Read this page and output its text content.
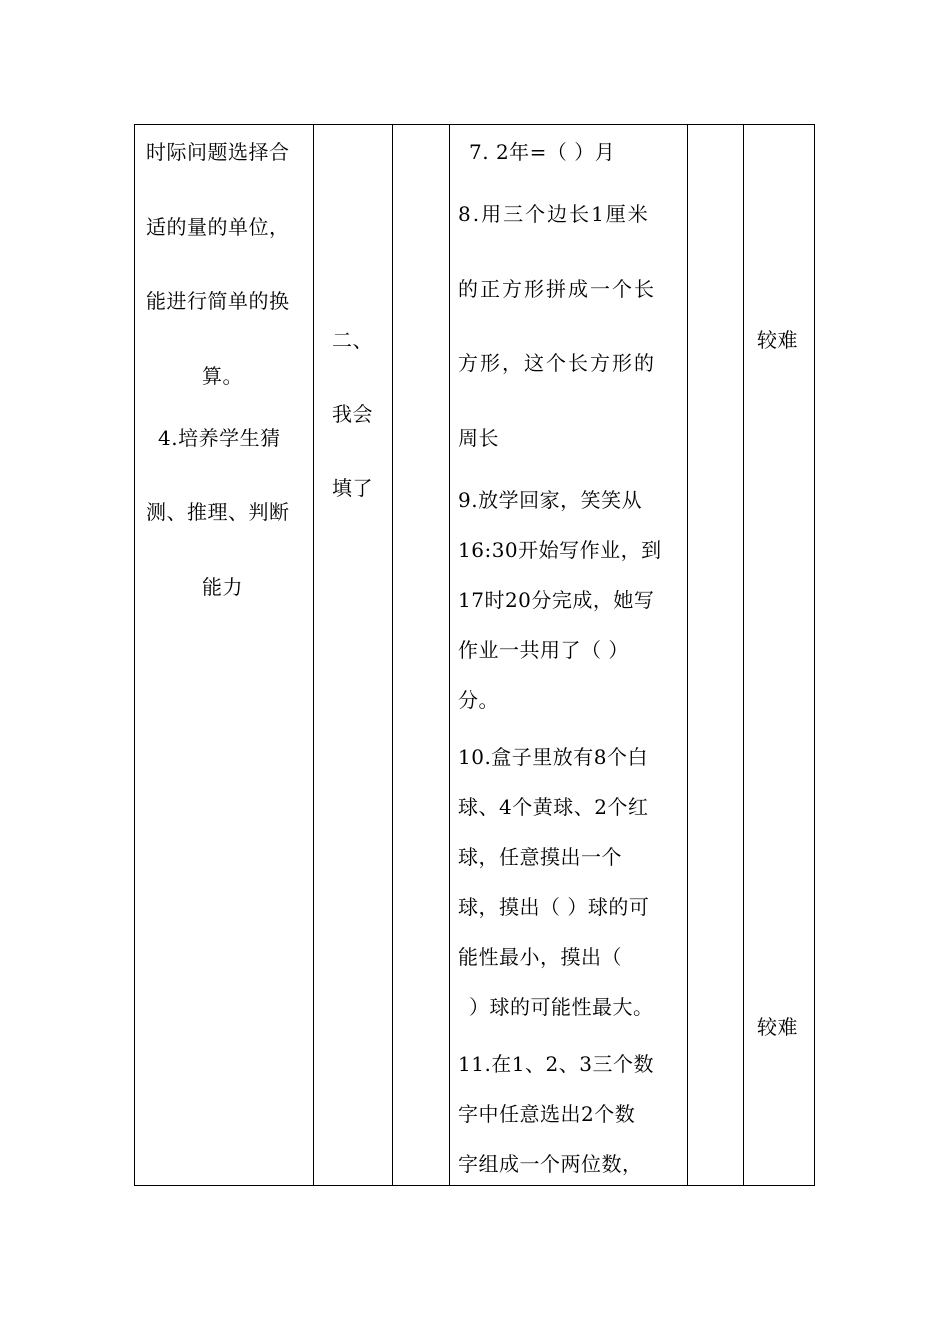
时际问题选择合
适的量的单位，
能进行简单的换
算。
4.培养学生猜
测、推理、判断
能力
二、
我会
填了
7. 2年=（ ）月
8.用三个边长1厘米
的正方形拼成一个长
方形，这个长方形的
周长
9.放学回家，笑笑从
16:30开始写作业，到
17时20分完成，她写
作业一共用了（ ）
分。
10.盒子里放有8个白
球、4个黄球、2个红
球，任意摸出一个
球，摸出（ ）球的可
能性最小，摸出（
）球的可能性最大。
11.在1、2、3三个数
字中任意选出2个数
字组成一个两位数，
较难
较难
